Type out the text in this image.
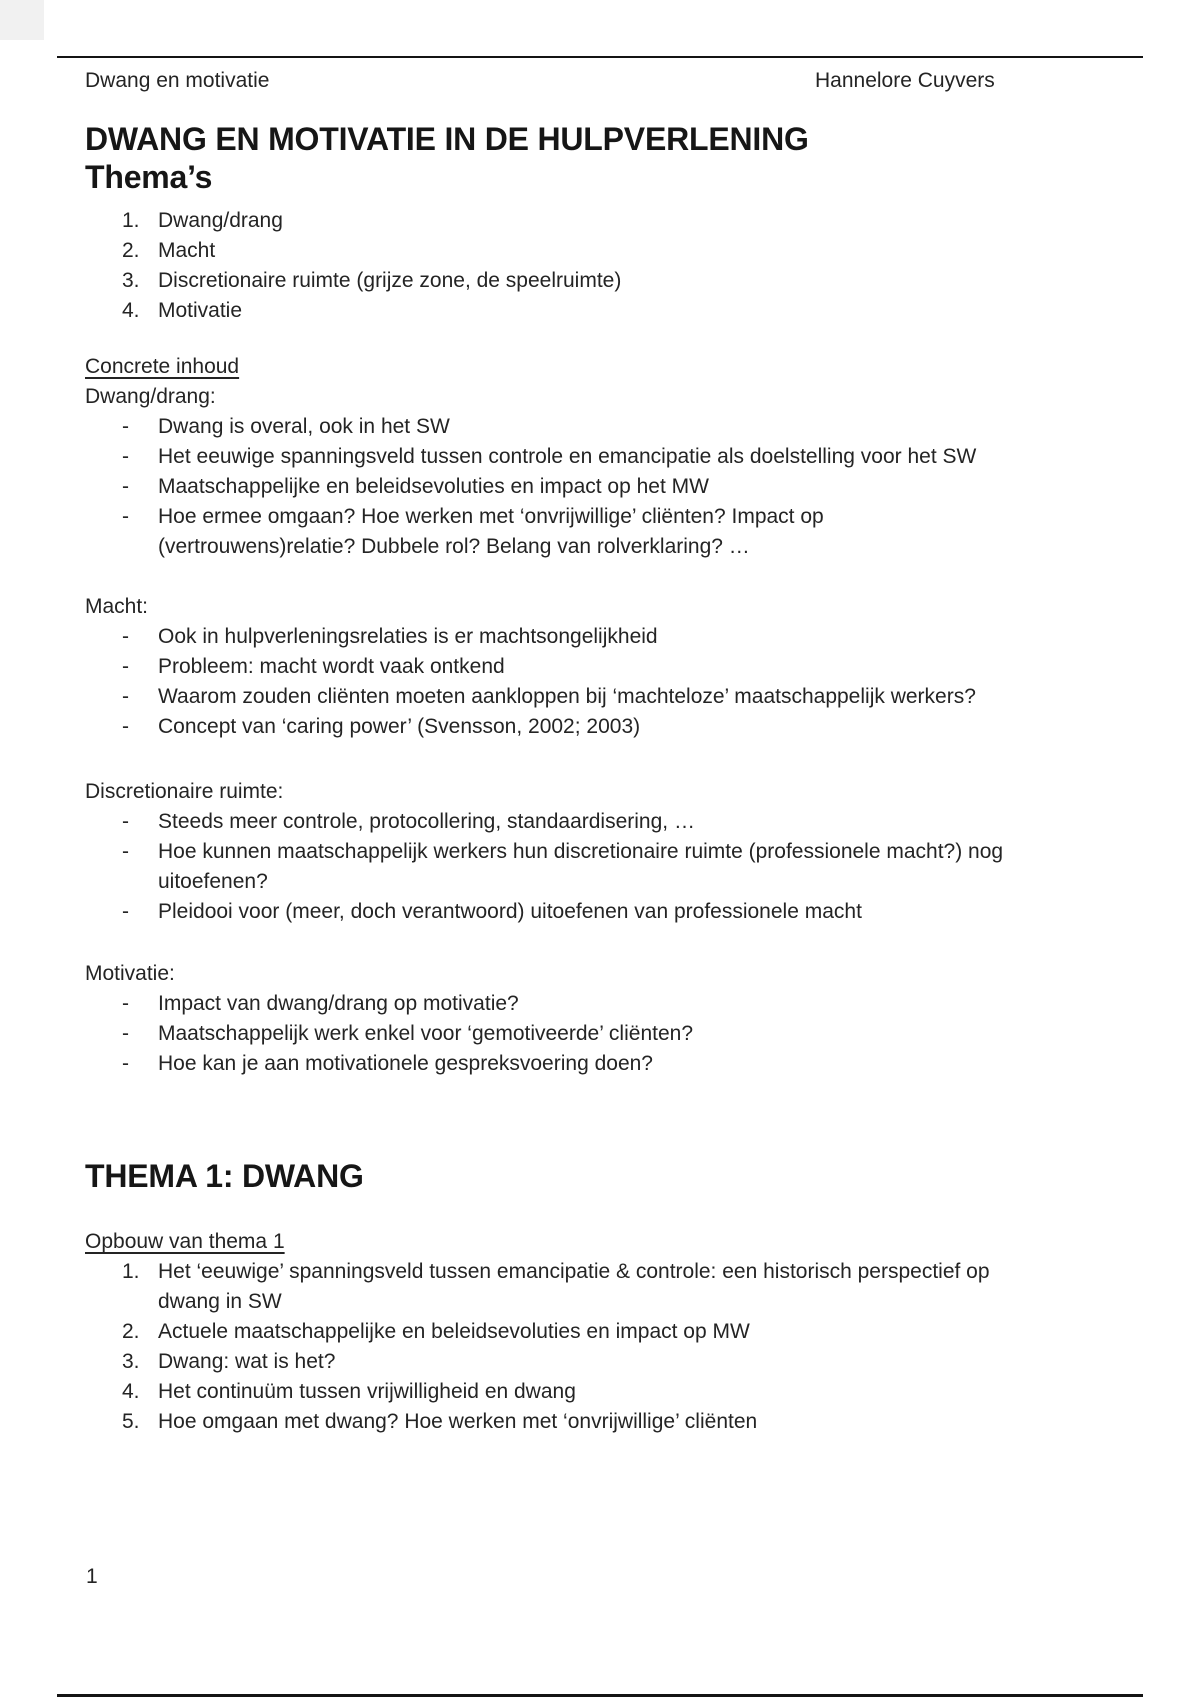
Dwang en motivatie	Hannelore Cuyvers
DWANG EN MOTIVATIE IN DE HULPVERLENING
Thema’s
1. Dwang/drang
2. Macht
3. Discretionaire ruimte (grijze zone, de speelruimte)
4. Motivatie
Concrete inhoud
Dwang/drang:
-	Dwang is overal, ook in het SW
-	Het eeuwige spanningsveld tussen controle en emancipatie als doelstelling voor het SW
-	Maatschappelijke en beleidsevoluties en impact op het MW
-	Hoe ermee omgaan? Hoe werken met ‘onvrijwillige’ cliënten? Impact op
(vertrouwens)relatie? Dubbele rol? Belang van rolverklaring? …
Macht:
-	Ook in hulpverleningsrelaties is er machtsongelijkheid
-	Probleem: macht wordt vaak ontkend
-	Waarom zouden cliënten moeten aankloppen bij ‘machteloze’ maatschappelijk werkers?
-	Concept van ‘caring power’ (Svensson, 2002; 2003)
Discretionaire ruimte:
-	Steeds meer controle, protocollering, standaardisering, …
-	Hoe kunnen maatschappelijk werkers hun discretionaire ruimte (professionele macht?) nog
uitoefenen?
-	Pleidooi voor (meer, doch verantwoord) uitoefenen van professionele macht
Motivatie:
-	Impact van dwang/drang op motivatie?
-	Maatschappelijk werk enkel voor ‘gemotiveerde’ cliënten?
-	Hoe kan je aan motivationele gespreksvoering doen?
THEMA 1: DWANG
Opbouw van thema 1
1. Het ‘eeuwige’ spanningsveld tussen emancipatie & controle: een historisch perspectief op
dwang in SW
2. Actuele maatschappelijke en beleidsevoluties en impact op MW
3. Dwang: wat is het?
4. Het continuüm tussen vrijwilligheid en dwang
5. Hoe omgaan met dwang? Hoe werken met ‘onvrijwillige’ cliënten
1
